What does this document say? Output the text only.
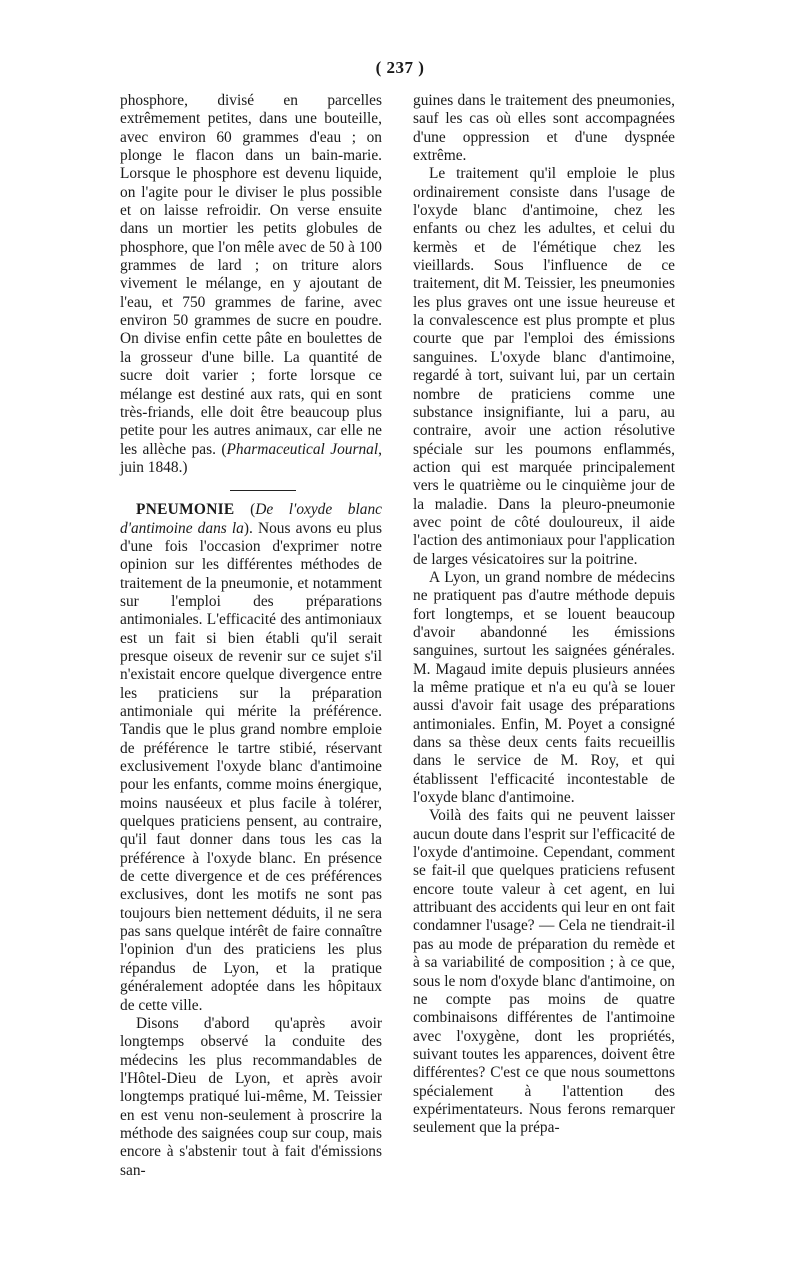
( 237 )

phosphore, divisé en parcelles extrêmement petites, dans une bouteille, avec environ 60 grammes d'eau ; on plonge le flacon dans un bain-marie. Lorsque le phosphore est devenu liquide, on l'agite pour le diviser le plus possible et on laisse refroidir. On verse ensuite dans un mortier les petits globules de phosphore, que l'on mêle avec de 50 à 100 grammes de lard ; on triture alors vivement le mélange, en y ajoutant de l'eau, et 750 grammes de farine, avec environ 50 grammes de sucre en poudre. On divise enfin cette pâte en boulettes de la grosseur d'une bille. La quantité de sucre doit varier ; forte lorsque ce mélange est destiné aux rats, qui en sont très-friands, elle doit être beaucoup plus petite pour les autres animaux, car elle ne les allèche pas. (Pharmaceutical Journal, juin 1848.)

PNEUMONIE (De l'oxyde blanc d'antimoine dans la). Nous avons eu plus d'une fois l'occasion d'exprimer notre opinion sur les différentes méthodes de traitement de la pneumonie, et notamment sur l'emploi des préparations antimoniales. L'efficacité des antimoniaux est un fait si bien établi qu'il serait presque oiseux de revenir sur ce sujet s'il n'existait encore quelque divergence entre les praticiens sur la préparation antimoniale qui mérite la préférence. Tandis que le plus grand nombre emploie de préférence le tartre stibié, réservant exclusivement l'oxyde blanc d'antimoine pour les enfants, comme moins énergique, moins nauséeux et plus facile à tolérer, quelques praticiens pensent, au contraire, qu'il faut donner dans tous les cas la préférence à l'oxyde blanc. En présence de cette divergence et de ces préférences exclusives, dont les motifs ne sont pas toujours bien nettement déduits, il ne sera pas sans quelque intérêt de faire connaître l'opinion d'un des praticiens les plus répandus de Lyon, et la pratique généralement adoptée dans les hôpitaux de cette ville.

Disons d'abord qu'après avoir longtemps observé la conduite des médecins les plus recommandables de l'Hôtel-Dieu de Lyon, et après avoir longtemps pratiqué lui-même, M. Teissier en est venu non-seulement à proscrire la méthode des saignées coup sur coup, mais encore à s'abstenir tout à fait d'émissions san-

guines dans le traitement des pneumonies, sauf les cas où elles sont accompagnées d'une oppression et d'une dyspnée extrême.

Le traitement qu'il emploie le plus ordinairement consiste dans l'usage de l'oxyde blanc d'antimoine, chez les enfants ou chez les adultes, et celui du kermès et de l'émétique chez les vieillards. Sous l'influence de ce traitement, dit M. Teissier, les pneumonies les plus graves ont une issue heureuse et la convalescence est plus prompte et plus courte que par l'emploi des émissions sanguines. L'oxyde blanc d'antimoine, regardé à tort, suivant lui, par un certain nombre de praticiens comme une substance insignifiante, lui a paru, au contraire, avoir une action résolutive spéciale sur les poumons enflammés, action qui est marquée principalement vers le quatrième ou le cinquième jour de la maladie. Dans la pleuro-pneumonie avec point de côté douloureux, il aide l'action des antimoniaux pour l'application de larges vésicatoires sur la poitrine.

A Lyon, un grand nombre de médecins ne pratiquent pas d'autre méthode depuis fort longtemps, et se louent beaucoup d'avoir abandonné les émissions sanguines, surtout les saignées générales. M. Magaud imite depuis plusieurs années la même pratique et n'a eu qu'à se louer aussi d'avoir fait usage des préparations antimoniales. Enfin, M. Poyet a consigné dans sa thèse deux cents faits recueillis dans le service de M. Roy, et qui établissent l'efficacité incontestable de l'oxyde blanc d'antimoine.

Voilà des faits qui ne peuvent laisser aucun doute dans l'esprit sur l'efficacité de l'oxyde d'antimoine. Cependant, comment se fait-il que quelques praticiens refusent encore toute valeur à cet agent, en lui attribuant des accidents qui leur en ont fait condamner l'usage? — Cela ne tiendrait-il pas au mode de préparation du remède et à sa variabilité de composition ; à ce que, sous le nom d'oxyde blanc d'antimoine, on ne compte pas moins de quatre combinaisons différentes de l'antimoine avec l'oxygène, dont les propriétés, suivant toutes les apparences, doivent être différentes? C'est ce que nous soumettons spécialement à l'attention des expérimentateurs. Nous ferons remarquer seulement que la prépa-
